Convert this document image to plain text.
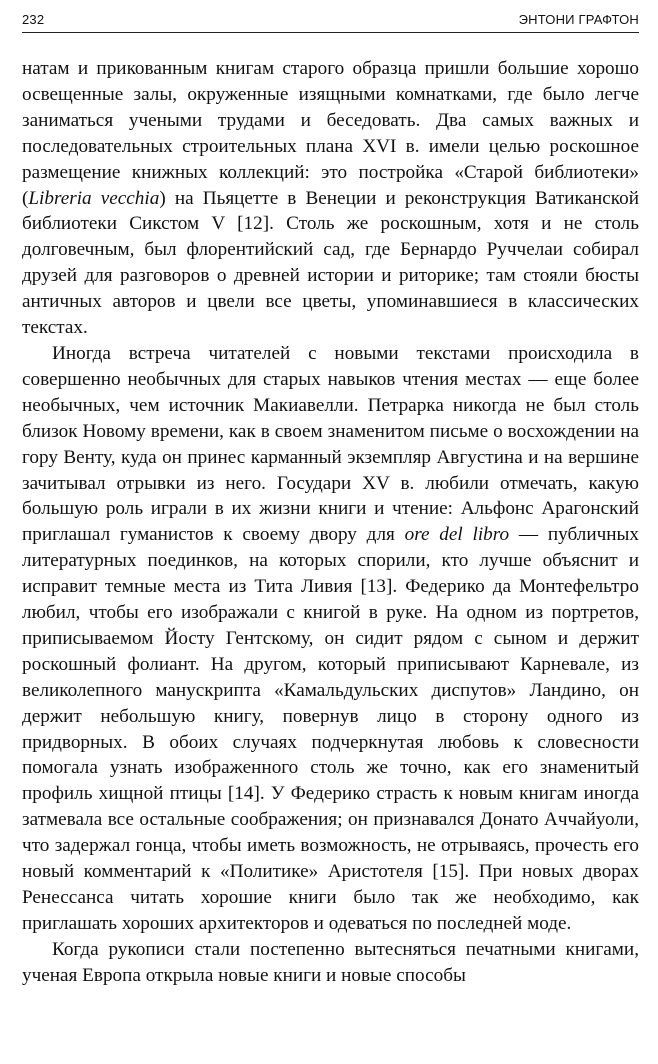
232	ЭНТОНИ ГРАФТОН

натам и прикованным книгам старого образца пришли большие хорошо освещенные залы, окруженные изящными комнатками, где было легче заниматься учеными трудами и беседовать. Два самых важных и последовательных строительных плана XVI в. имели целью роскошное размещение книжных коллекций: это постройка «Старой библиотеки» (Libreria vecchia) на Пьяцетте в Венеции и реконструкция Ватиканской библиотеки Сикстом V [12]. Столь же роскошным, хотя и не столь долговечным, был флорентийский сад, где Бернардо Руччелаи собирал друзей для разговоров о древней истории и риторике; там стояли бюсты античных авторов и цвели все цветы, упоминавшиеся в классических текстах.

Иногда встреча читателей с новыми текстами происходила в совершенно необычных для старых навыков чтения местах — еще более необычных, чем источник Макиавелли. Петрарка никогда не был столь близок Новому времени, как в своем знаменитом письме о восхождении на гору Венту, куда он принес карманный экземпляр Августина и на вершине зачитывал отрывки из него. Государи XV в. любили отмечать, какую большую роль играли в их жизни книги и чтение: Альфонс Арагонский приглашал гуманистов к своему двору для ore del libro — публичных литературных поединков, на которых спорили, кто лучше объяснит и исправит темные места из Тита Ливия [13]. Федерико да Монтефельтро любил, чтобы его изображали с книгой в руке. На одном из портретов, приписываемом Йосту Гентскому, он сидит рядом с сыном и держит роскошный фолиант. На другом, который приписывают Карневале, из великолепного манускрипта «Камальдульских диспутов» Ландино, он держит небольшую книгу, повернув лицо в сторону одного из придворных. В обоих случаях подчеркнутая любовь к словесности помогала узнать изображенного столь же точно, как его знаменитый профиль хищной птицы [14]. У Федерико страсть к новым книгам иногда затмевала все остальные соображения; он признавался Донато Аччайуоли, что задержал гонца, чтобы иметь возможность, не отрываясь, прочесть его новый комментарий к «Политике» Аристотеля [15]. При новых дворах Ренессанса читать хорошие книги было так же необходимо, как приглашать хороших архитекторов и одеваться по последней моде.

Когда рукописи стали постепенно вытесняться печатными книгами, ученая Европа открыла новые книги и новые способы
